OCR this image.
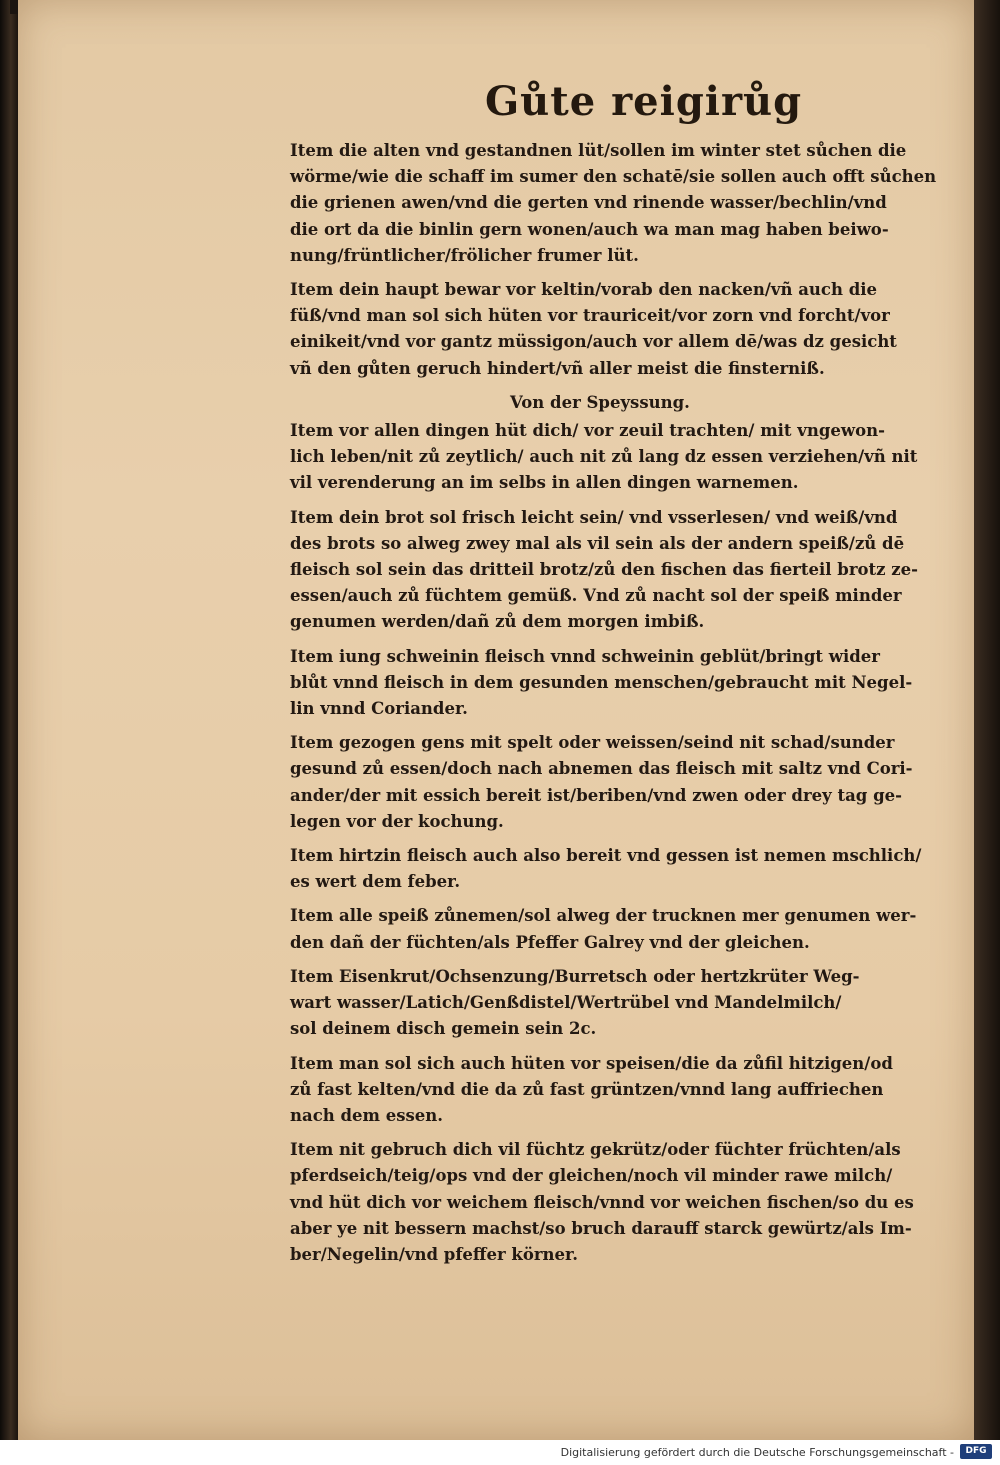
Gůte reigirůg

Item die alten vnd gestandnen lüt/sollen im winter stet sůchen die
wörme/wie die schaff im sumer den schatē/sie sollen auch offt sůchen
die grienen awen/vnd die gerten vnd rinende wasser/bechlin/vnd
die ort da die binlin gern wonen/auch wa man mag haben beiwo-
nung/früntlicher/frölicher frumer lüt.

Item dein haupt bewar vor keltin/vorab den nacken/vñ auch die
füß/vnd man sol sich hüten vor trauriceit/vor zorn vnd forcht/vor
einikeit/vnd vor gantz müssigon/auch vor allem dē/was dz gesicht
vñ den gůten geruch hindert/vñ aller meist die finsterniß.

Von der Speyssung.

Item vor allen dingen hüt dich/ vor zeuil trachten/ mit vngewon-
lich leben/nit zů zeytlich/ auch nit zů lang dz essen verziehen/vñ nit
vil verenderung an im selbs in allen dingen warnemen.

Item dein brot sol frisch leicht sein/ vnd vsserlesen/ vnd weiß/vnd
des brots so alweg zwey mal als vil sein als der andern speiß/zů dē
fleisch sol sein das dritteil brotz/zů den fischen das fierteil brotz ze-
essen/auch zů füchtem gemüß. Vnd zů nacht sol der speiß minder
genumen werden/dañ zů dem morgen imbiß.

Item iung schweinin fleisch vnnd schweinin geblüt/bringt wider
blůt vnnd fleisch in dem gesunden menschen/gebraucht mit Negel-
lin vnnd Coriander.

Item gezogen gens mit spelt oder weissen/seind nit schad/sunder
gesund zů essen/doch nach abnemen das fleisch mit saltz vnd Cori-
ander/der mit essich bereit ist/beriben/vnd zwen oder drey tag ge-
legen vor der kochung.

Item hirtzin fleisch auch also bereit vnd gessen ist nemen mschlich/
es wert dem feber.

Item alle speiß zůnemen/sol alweg der trucknen mer genumen wer-
den dañ der füchten/als Pfeffer Galrey vnd der gleichen.

Item Eisenkrut/Ochsenzung/Burretsch oder hertzkrüter Weg-
wart wasser/Latich/Genßdistel/Wertrübel vnd Mandelmilch/
sol deinem disch gemein sein 2c.

Item man sol sich auch hüten vor speisen/die da zůfil hitzigen/od
zů fast kelten/vnd die da zů fast grüntzen/vnnd lang auffriechen
nach dem essen.

Item nit gebruch dich vil füchtz gekrütz/oder füchter früchten/als
pferdseich/teig/ops vnd der gleichen/noch vil minder rawe milch/
vnd hüt dich vor weichem fleisch/vnnd vor weichen fischen/so du es
aber ye nit bessern machst/so bruch darauff starck gewürtz/als Im-
ber/Negelin/vnd pfeffer körner.

Digitalisierung gefördert durch die Deutsche Forschungsgemeinschaft -	DFG
